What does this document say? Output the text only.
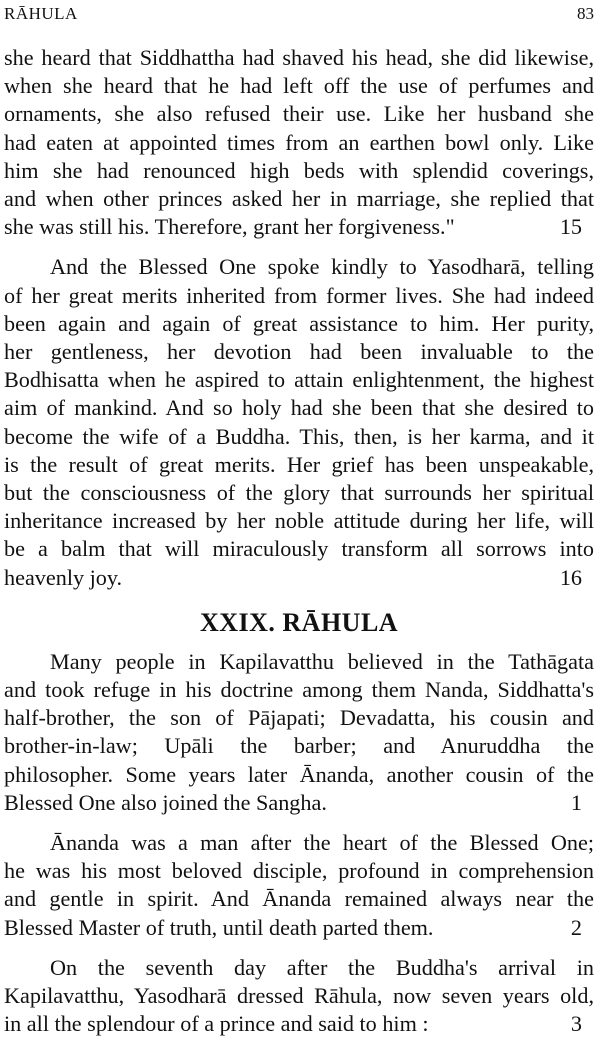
RĀHULA	83
she heard that Siddhattha had shaved his head, she did likewise,
when she heard that he had left off the use of perfumes and
ornaments, she also refused their use. Like her husband she
had eaten at appointed times from an earthen bowl only. Like
him she had renounced high beds with splendid coverings,
and when other princes asked her in marriage, she replied that
she was still his. Therefore, grant her forgiveness."	15
And the Blessed One spoke kindly to Yasodharā, telling
of her great merits inherited from former lives. She had indeed
been again and again of great assistance to him. Her purity,
her gentleness, her devotion had been invaluable to the
Bodhisatta when he aspired to attain enlightenment, the highest
aim of mankind. And so holy had she been that she desired to
become the wife of a Buddha. This, then, is her karma, and it
is the result of great merits. Her grief has been unspeakable,
but the consciousness of the glory that surrounds her spiritual
inheritance increased by her noble attitude during her life, will
be a balm that will miraculously transform all sorrows into
heavenly joy.	16
XXIX. RĀHULA
Many people in Kapilavatthu believed in the Tathāgata
and took refuge in his doctrine among them Nanda, Siddhatta's
half-brother, the son of Pājapati; Devadatta, his cousin and
brother-in-law; Upāli the barber; and Anuruddha the
philosopher. Some years later Ānanda, another cousin of the
Blessed One also joined the Sangha.	1
Ānanda was a man after the heart of the Blessed One;
he was his most beloved disciple, profound in comprehension
and gentle in spirit. And Ānanda remained always near the
Blessed Master of truth, until death parted them.	2
On the seventh day after the Buddha's arrival in
Kapilavatthu, Yasodharā dressed Rāhula, now seven years old,
in all the splendour of a prince and said to him :	3
